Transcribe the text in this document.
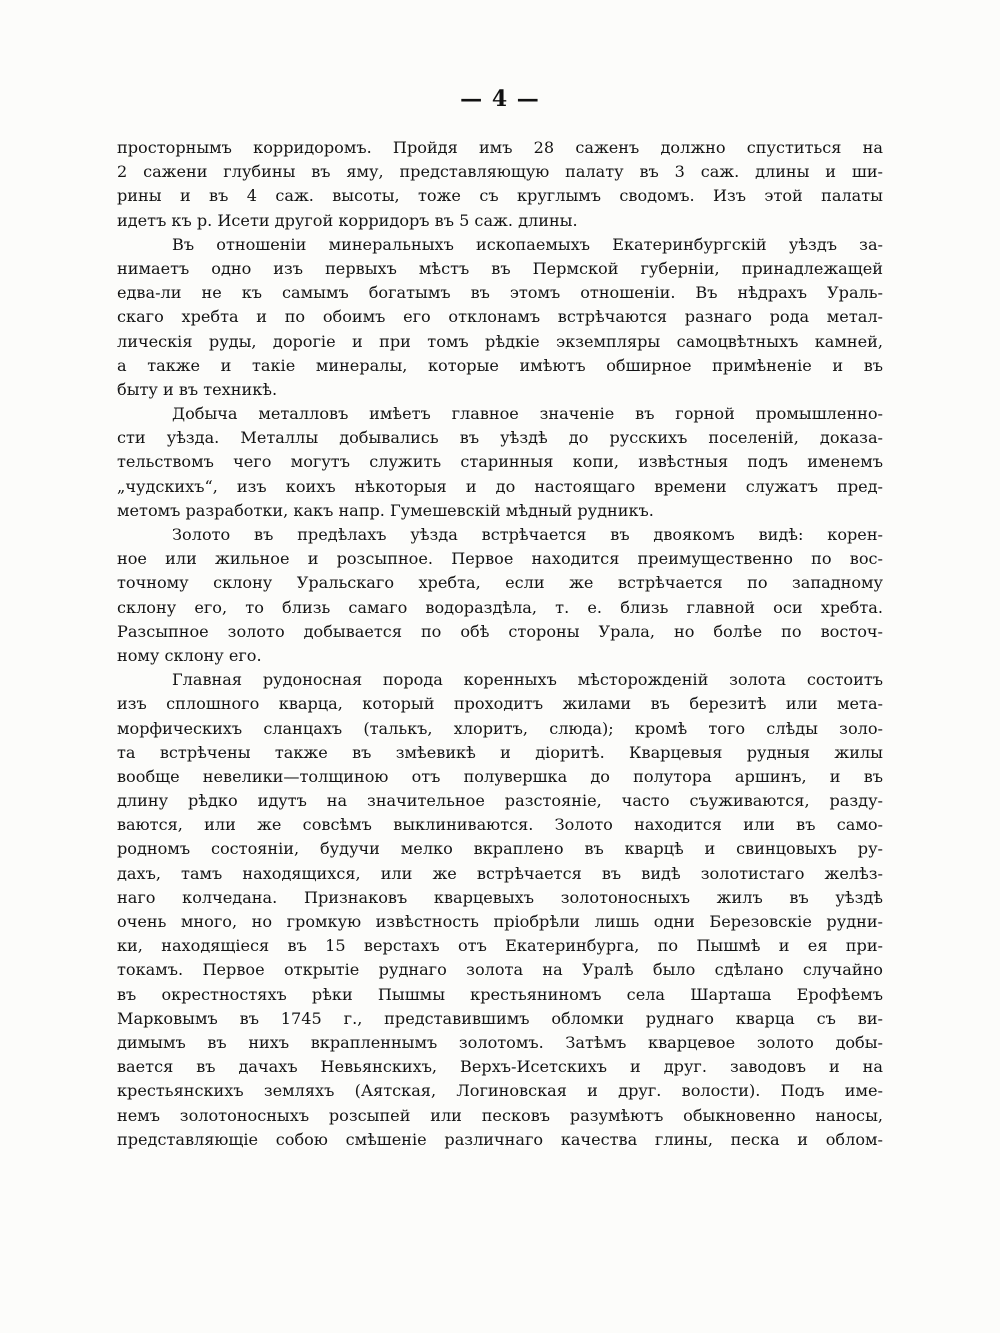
— 4 —
просторнымъ корридоромъ. Пройдя имъ 28 саженъ должно спуститься на
2 сажени глубины въ яму, представляющую палату въ 3 саж. длины и ши-
рины и въ 4 саж. высоты, тоже съ круглымъ сводомъ. Изъ этой палаты
идетъ къ р. Исети другой корридоръ въ 5 саж. длины.
Въ отношеніи минеральныхъ ископаемыхъ Екатеринбургскій уѣздъ за-
нимаетъ одно изъ первыхъ мѣстъ въ Пермской губерніи, принадлежащей
едва-ли не къ самымъ богатымъ въ этомъ отношеніи. Въ нѣдрахъ Ураль-
скаго хребта и по обоимъ его отклонамъ встрѣчаются разнаго рода метал-
лическія руды, дорогіе и при томъ рѣдкіе экземпляры самоцвѣтныхъ камней,
а также и такіе минералы, которые имѣютъ обширное примѣненіе и въ
быту и въ техникѣ.
Добыча металловъ имѣетъ главное значеніе въ горной промышленно-
сти уѣзда. Металлы добывались въ уѣздѣ до русскихъ поселеній, доказа-
тельствомъ чего могутъ служить старинныя копи, извѣстныя подъ именемъ
„чудскихъ“, изъ коихъ нѣкоторыя и до настоящаго времени служатъ пред-
метомъ разработки, какъ напр. Гумешевскій мѣдный рудникъ.
Золото въ предѣлахъ уѣзда встрѣчается въ двоякомъ видѣ: корен-
ное или жильное и розсыпное. Первое находится преимущественно по вос-
точному склону Уральскаго хребта, если же встрѣчается по западному
склону его, то близь самаго водораздѣла, т. е. близь главной оси хребта.
Разсыпное золото добывается по обѣ стороны Урала, но болѣе по восточ-
ному склону его.
Главная рудоносная порода коренныхъ мѣсторожденій золота состоитъ
изъ сплошного кварца, который проходитъ жилами въ березитѣ или мета-
морфическихъ сланцахъ (талькъ, хлоритъ, слюда); кромѣ того слѣды золо-
та встрѣчены также въ змѣевикѣ и діоритѣ. Кварцевыя рудныя жилы
вообще невелики—толщиною отъ полувершка до полутора аршинъ, и въ
длину рѣдко идутъ на значительное разстояніе, часто съуживаются, разду-
ваются, или же совсѣмъ выклиниваются. Золото находится или въ само-
родномъ состояніи, будучи мелко вкраплено въ кварцѣ и свинцовыхъ ру-
дахъ, тамъ находящихся, или же встрѣчается въ видѣ золотистаго желѣз-
наго колчедана. Признаковъ кварцевыхъ золотоносныхъ жилъ въ уѣздѣ
очень много, но громкую извѣстность пріобрѣли лишь одни Березовскіе рудни-
ки, находящіеся въ 15 верстахъ отъ Екатеринбурга, по Пышмѣ и ея при-
токамъ. Первое открытіе руднаго золота на Уралѣ было сдѣлано случайно
въ окрестностяхъ рѣки Пышмы крестьяниномъ села Шарташа Ерофѣемъ
Марковымъ въ 1745 г., представившимъ обломки руднаго кварца съ ви-
димымъ въ нихъ вкрапленнымъ золотомъ. Затѣмъ кварцевое золото добы-
вается въ дачахъ Невьянскихъ, Верхъ-Исетскихъ и друг. заводовъ и на
крестьянскихъ земляхъ (Аятская, Логиновская и друг. волости). Подъ име-
немъ золотоносныхъ розсыпей или песковъ разумѣютъ обыкновенно наносы,
представляющіе собою смѣшеніе различнаго качества глины, песка и облом-
